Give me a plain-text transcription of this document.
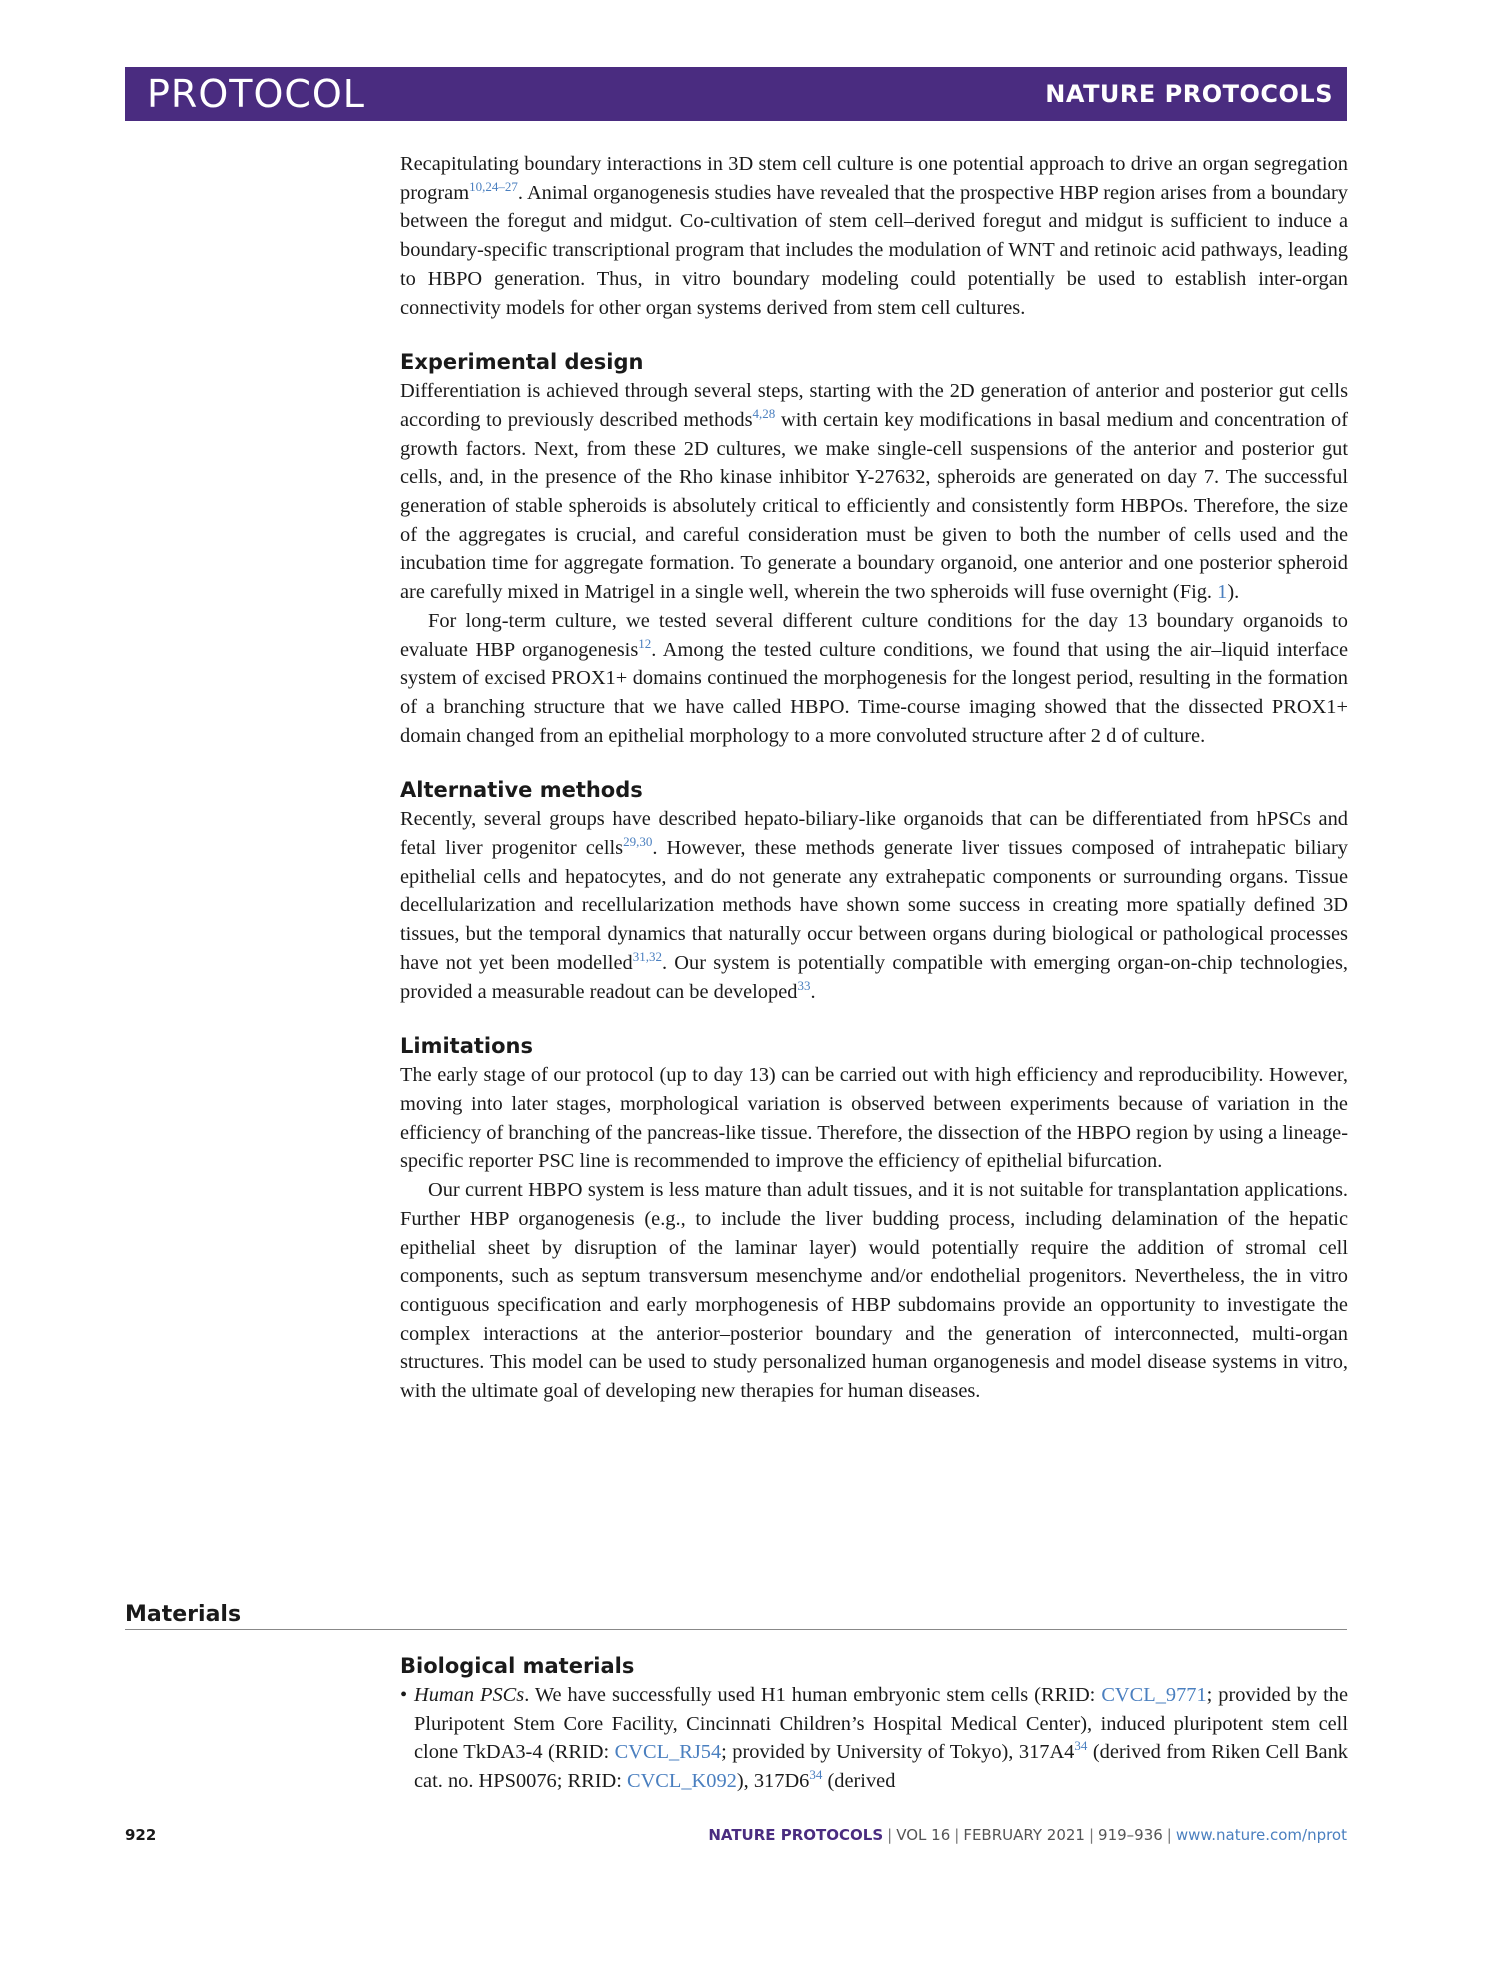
PROTOCOL	NATURE PROTOCOLS

Recapitulating boundary interactions in 3D stem cell culture is one potential approach to drive an organ segregation program$^{10,24-27}$. Animal organogenesis studies have revealed that the prospective HBP region arises from a boundary between the foregut and midgut. Co-cultivation of stem cell–derived foregut and midgut is sufficient to induce a boundary-specific transcriptional program that includes the modulation of WNT and retinoic acid pathways, leading to HBPO generation. Thus, in vitro boundary modeling could potentially be used to establish inter-organ connectivity models for other organ systems derived from stem cell cultures.

Experimental design

Differentiation is achieved through several steps, starting with the 2D generation of anterior and posterior gut cells according to previously described methods$^{4,28}$ with certain key modifications in basal medium and concentration of growth factors. Next, from these 2D cultures, we make single-cell suspensions of the anterior and posterior gut cells, and, in the presence of the Rho kinase inhibitor Y-27632, spheroids are generated on day 7. The successful generation of stable spheroids is absolutely critical to efficiently and consistently form HBPOs. Therefore, the size of the aggregates is crucial, and careful consideration must be given to both the number of cells used and the incubation time for aggregate formation. To generate a boundary organoid, one anterior and one posterior spheroid are carefully mixed in Matrigel in a single well, wherein the two spheroids will fuse overnight (Fig. 1).

For long-term culture, we tested several different culture conditions for the day 13 boundary organoids to evaluate HBP organogenesis$^{12}$. Among the tested culture conditions, we found that using the air–liquid interface system of excised PROX1+ domains continued the morphogenesis for the longest period, resulting in the formation of a branching structure that we have called HBPO. Time-course imaging showed that the dissected PROX1+ domain changed from an epithelial morphology to a more convoluted structure after 2 d of culture.

Alternative methods

Recently, several groups have described hepato-biliary-like organoids that can be differentiated from hPSCs and fetal liver progenitor cells$^{29,30}$. However, these methods generate liver tissues composed of intrahepatic biliary epithelial cells and hepatocytes, and do not generate any extrahepatic components or surrounding organs. Tissue decellularization and recellularization methods have shown some success in creating more spatially defined 3D tissues, but the temporal dynamics that naturally occur between organs during biological or pathological processes have not yet been modelled$^{31,32}$. Our system is potentially compatible with emerging organ-on-chip technologies, provided a measurable readout can be developed$^{33}$.

Limitations

The early stage of our protocol (up to day 13) can be carried out with high efficiency and reproducibility. However, moving into later stages, morphological variation is observed between experiments because of variation in the efficiency of branching of the pancreas-like tissue. Therefore, the dissection of the HBPO region by using a lineage-specific reporter PSC line is recommended to improve the efficiency of epithelial bifurcation.

Our current HBPO system is less mature than adult tissues, and it is not suitable for transplantation applications. Further HBP organogenesis (e.g., to include the liver budding process, including delamination of the hepatic epithelial sheet by disruption of the laminar layer) would potentially require the addition of stromal cell components, such as septum transversum mesenchyme and/or endothelial progenitors. Nevertheless, the in vitro contiguous specification and early morphogenesis of HBP subdomains provide an opportunity to investigate the complex interactions at the anterior–posterior boundary and the generation of interconnected, multi-organ structures. This model can be used to study personalized human organogenesis and model disease systems in vitro, with the ultimate goal of developing new therapies for human diseases.

Materials
Biological materials
• Human PSCs. We have successfully used H1 human embryonic stem cells (RRID: CVCL_9771; provided by the Pluripotent Stem Core Facility, Cincinnati Children’s Hospital Medical Center), induced pluripotent stem cell clone TkDA3-4 (RRID: CVCL_RJ54; provided by University of Tokyo), $317A4^{34}$ (derived from Riken Cell Bank cat. no. HPS0076; RRID: CVCL_K092), $317D6^{34}$ (derived
922	NATURE PROTOCOLS | VOL 16 | FEBRUARY 2021 | 919–936 | www.nature.com/nprot
